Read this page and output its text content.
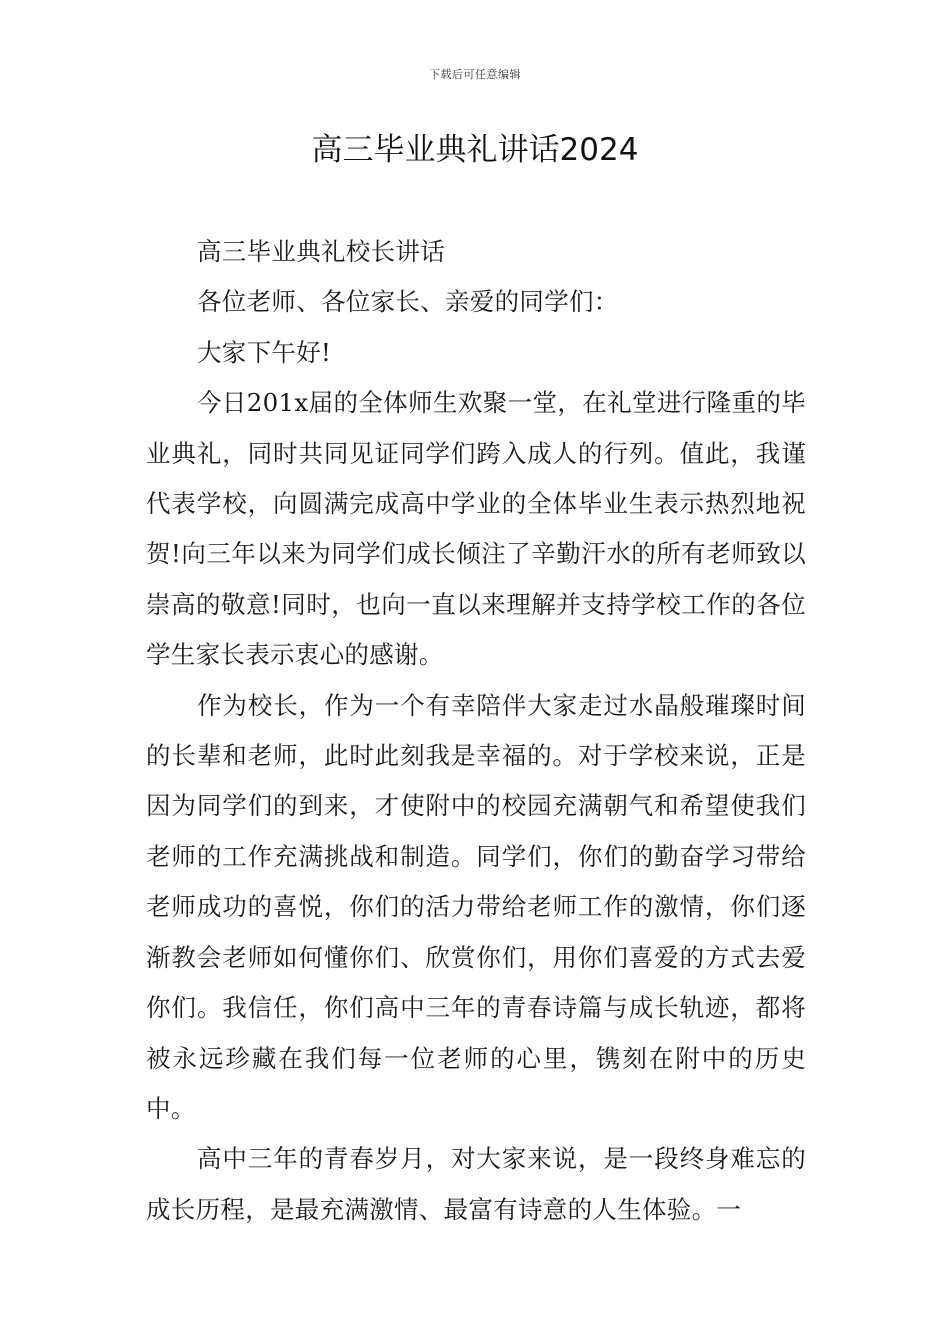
下载后可任意编辑
高三毕业典礼讲话2024

高三毕业典礼校长讲话

各位老师、各位家长、亲爱的同学们：

大家下午好!

今日201x届的全体师生欢聚一堂，在礼堂进行隆重的毕业典礼，同时共同见证同学们跨入成人的行列。值此，我谨代表学校，向圆满完成高中学业的全体毕业生表示热烈地祝贺!向三年以来为同学们成长倾注了辛勤汗水的所有老师致以崇高的敬意!同时，也向一直以来理解并支持学校工作的各位学生家长表示衷心的感谢。

作为校长，作为一个有幸陪伴大家走过水晶般璀璨时间的长辈和老师，此时此刻我是幸福的。对于学校来说，正是因为同学们的到来，才使附中的校园充满朝气和希望使我们老师的工作充满挑战和制造。同学们，你们的勤奋学习带给老师成功的喜悦，你们的活力带给老师工作的激情，你们逐渐教会老师如何懂你们、欣赏你们，用你们喜爱的方式去爱你们。我信任，你们高中三年的青春诗篇与成长轨迹，都将被永远珍藏在我们每一位老师的心里，镌刻在附中的历史中。

高中三年的青春岁月，对大家来说，是一段终身难忘的成长历程，是最充满激情、最富有诗意的人生体验。一
